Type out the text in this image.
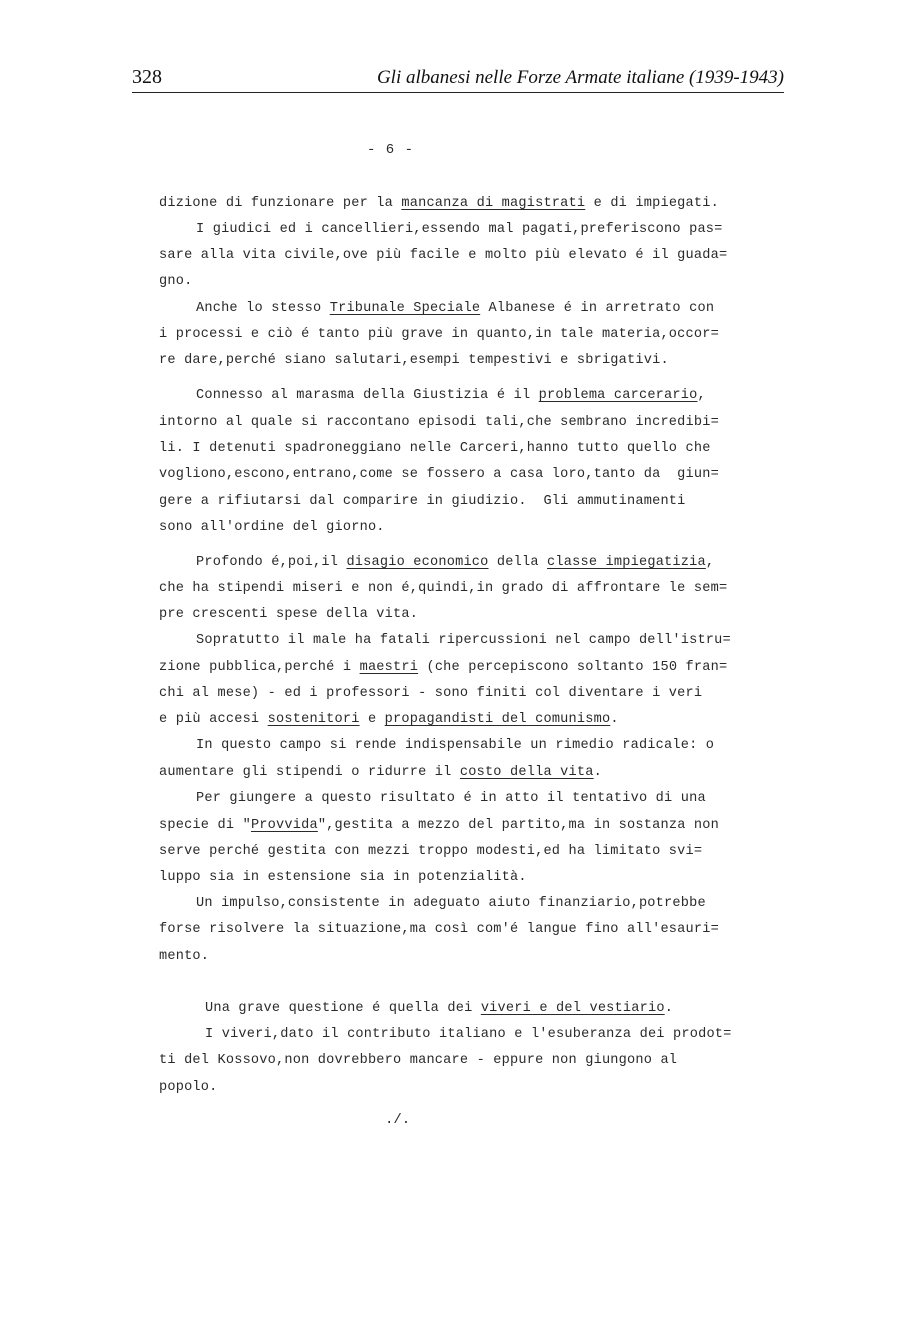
328	Gli albanesi nelle Forze Armate italiane (1939-1943)
- 6 -
dizione di funzionare per la mancanza di magistrati e di impiegati.
I giudici ed i cancellieri,essendo mal pagati,preferiscono pas=
sare alla vita civile,ove più facile e molto più elevato é il guada=
gno.
Anche lo stesso Tribunale Speciale Albanese é in arretrato con
i processi e ciò é tanto più grave in quanto,in tale materia,occor=
re dare,perché siano salutari,esempi tempestivi e sbrigativi.
Connesso al marasma della Giustizia é il problema carcerario,
intorno al quale si raccontano episodi tali,che sembrano incredibi=
li. I detenuti spadroneggiano nelle Carceri,hanno tutto quello che
vogliono,escono,entrano,come se fossero a casa loro,tanto da  giun=
gere a rifiutarsi dal comparire in giudizio.  Gli ammutinamenti
sono all'ordine del giorno.
Profondo é,poi,il disagio economico della classe impiegatizia,
che ha stipendi miseri e non é,quindi,in grado di affrontare le sem=
pre crescenti spese della vita.
Sopratutto il male ha fatali ripercussioni nel campo dell'istru=
zione pubblica,perché i maestri (che percepiscono soltanto 150 fran=
chi al mese) - ed i professori - sono finiti col diventare i veri
e più accesi sostenitori e propagandisti del comunismo.
In questo campo si rende indispensabile un rimedio radicale: o
aumentare gli stipendi o ridurre il costo della vita.
Per giungere a questo risultato é in atto il tentativo di una
specie di "Provvida",gestita a mezzo del partito,ma in sostanza non
serve perché gestita con mezzi troppo modesti,ed ha limitato svi=
luppo sia in estensione sia in potenzialità.
Un impulso,consistente in adeguato aiuto finanziario,potrebbe
forse risolvere la situazione,ma così com'é langue fino all'esauri=
mento.
Una grave questione é quella dei viveri e del vestiario.
I viveri,dato il contributo italiano e l'esuberanza dei prodot=
ti del Kossovo,non dovrebbero mancare - eppure non giungono al
popolo.
./.
